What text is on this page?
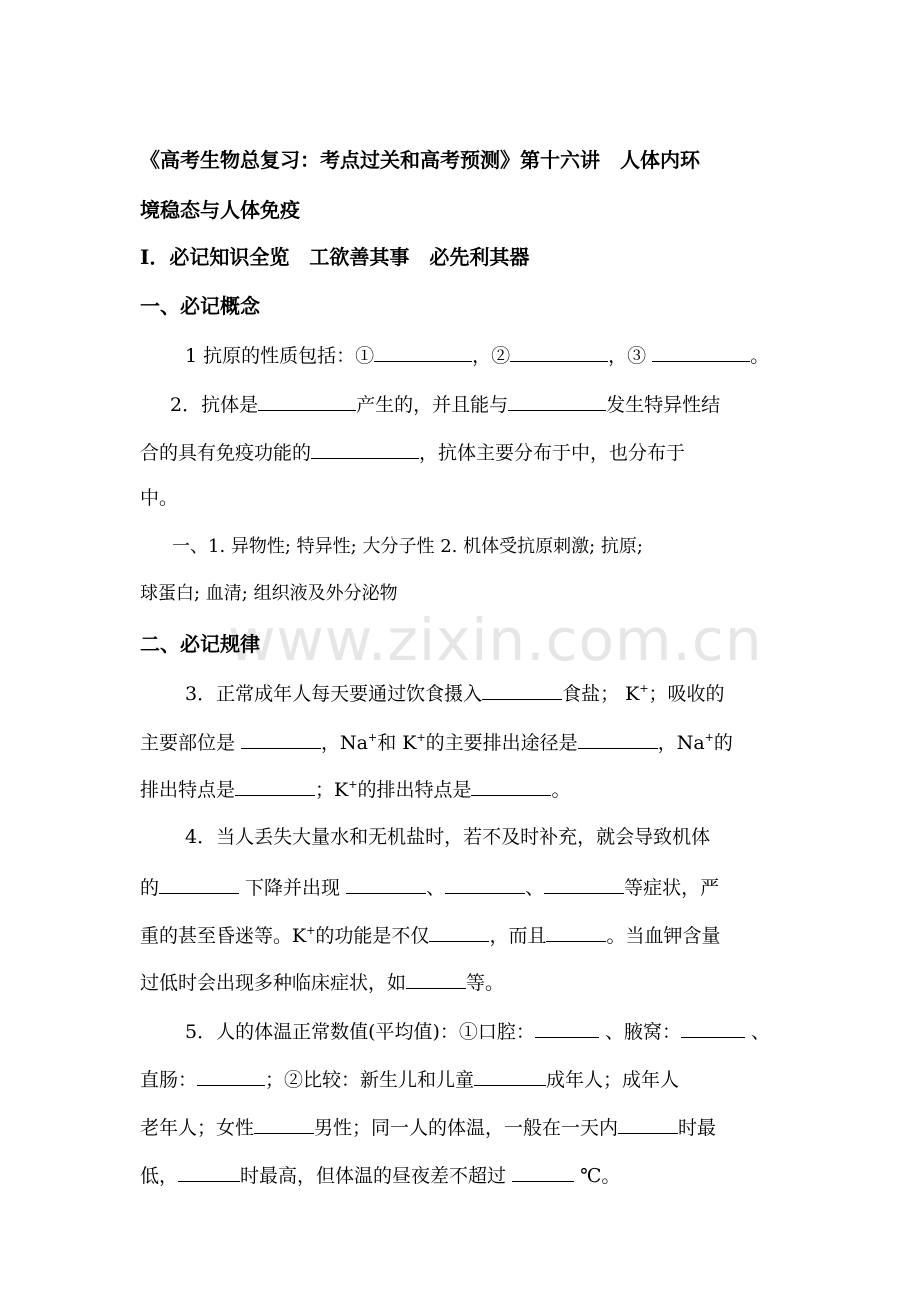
www.zixin.com.cn
《高考生物总复习：考点过关和高考预测》第十六讲　人体内环
境稳态与人体免疫
I．必记知识全览　工欲善其事　必先利其器
一、必记概念
1 抗原的性质包括：①	，②	，③	。
2．抗体是	产生的，并且能与	发生特异性结
合的具有免疫功能的	，抗体主要分布于中，也分布于
中。
一、1. 异物性; 特异性; 大分子性 2. 机体受抗原刺激; 抗原;
球蛋白; 血清; 组织液及外分泌物
二、必记规律
3．正常成年人每天要通过饮食摄入	食盐； K+；吸收的
主要部位是	，Na+和 K+的主要排出途径是	，Na+的
排出特点是	；K+的排出特点是	。
4．当人丢失大量水和无机盐时，若不及时补充，就会导致机体
的	下降并出现	、	、	等症状，严
重的甚至昏迷等。K+的功能是不仅	，而且	。当血钾含量
过低时会出现多种临床症状，如	等。
5．人的体温正常数值(平均值)：①口腔：	、腋窝：	、
直肠：	；②比较：新生儿和儿童	成年人；成年人
老年人；女性	男性；同一人的体温，一般在一天内	时最
低，	时最高，但体温的昼夜差不超过	℃。
